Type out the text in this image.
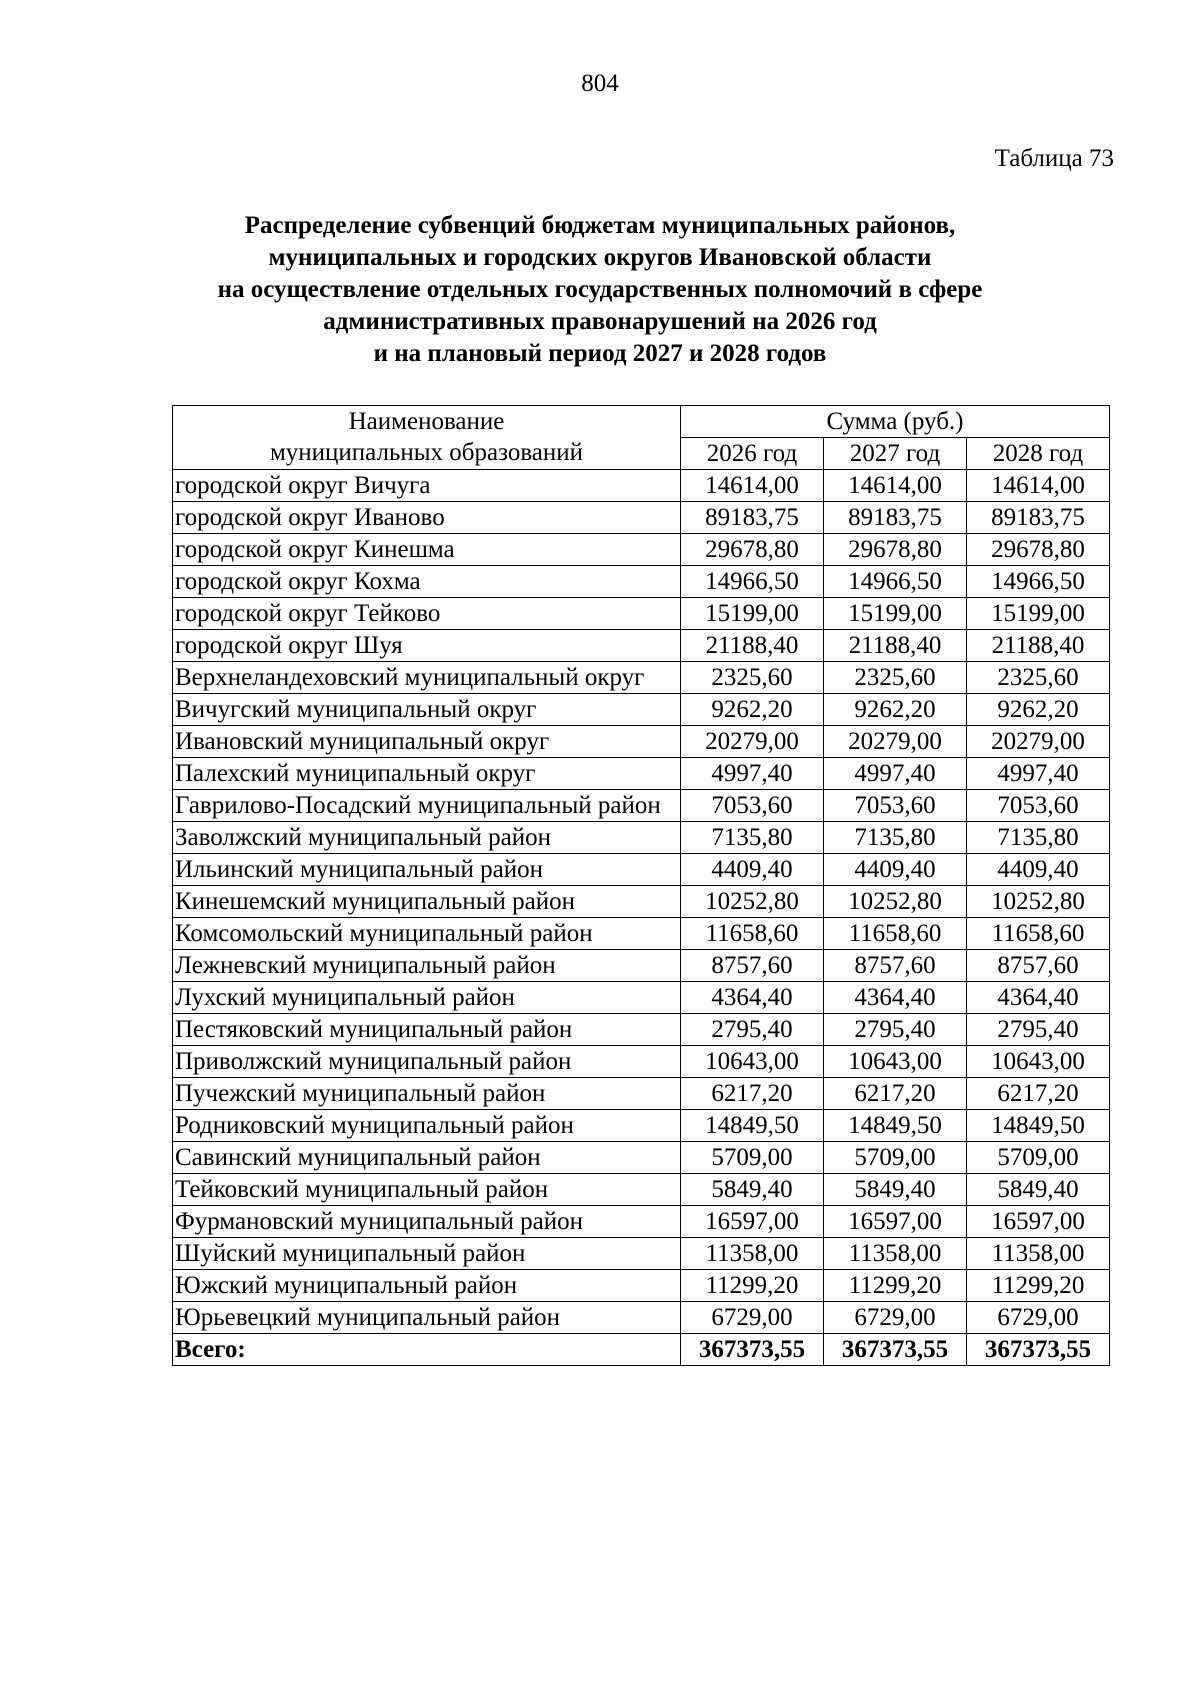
804
Таблица 73
Распределение субвенций бюджетам муниципальных районов,
муниципальных и городских округов Ивановской области
на осуществление отдельных государственных полномочий в сфере
административных правонарушений на 2026 год
и на плановый период 2027 и 2028 годов
Наименование
муниципальных образований	Сумма (руб.)		
	2026 год	2027 год	2028 год
городской округ Вичуга	14614,00	14614,00	14614,00
городской округ Иваново	89183,75	89183,75	89183,75
городской округ Кинешма	29678,80	29678,80	29678,80
городской округ Кохма	14966,50	14966,50	14966,50
городской округ Тейково	15199,00	15199,00	15199,00
городской округ Шуя	21188,40	21188,40	21188,40
Верхнеландеховский муниципальный округ	2325,60	2325,60	2325,60
Вичугский муниципальный округ	9262,20	9262,20	9262,20
Ивановский муниципальный округ	20279,00	20279,00	20279,00
Палехский муниципальный округ	4997,40	4997,40	4997,40
Гаврилово-Посадский муниципальный район	7053,60	7053,60	7053,60
Заволжский муниципальный район	7135,80	7135,80	7135,80
Ильинский муниципальный район	4409,40	4409,40	4409,40
Кинешемский муниципальный район	10252,80	10252,80	10252,80
Комсомольский муниципальный район	11658,60	11658,60	11658,60
Лежневский муниципальный район	8757,60	8757,60	8757,60
Лухский муниципальный район	4364,40	4364,40	4364,40
Пестяковский муниципальный район	2795,40	2795,40	2795,40
Приволжский муниципальный район	10643,00	10643,00	10643,00
Пучежский муниципальный район	6217,20	6217,20	6217,20
Родниковский муниципальный район	14849,50	14849,50	14849,50
Савинский муниципальный район	5709,00	5709,00	5709,00
Тейковский муниципальный район	5849,40	5849,40	5849,40
Фурмановский муниципальный район	16597,00	16597,00	16597,00
Шуйский муниципальный район	11358,00	11358,00	11358,00
Южский муниципальный район	11299,20	11299,20	11299,20
Юрьевецкий муниципальный район	6729,00	6729,00	6729,00
Всего:	367373,55	367373,55	367373,55
